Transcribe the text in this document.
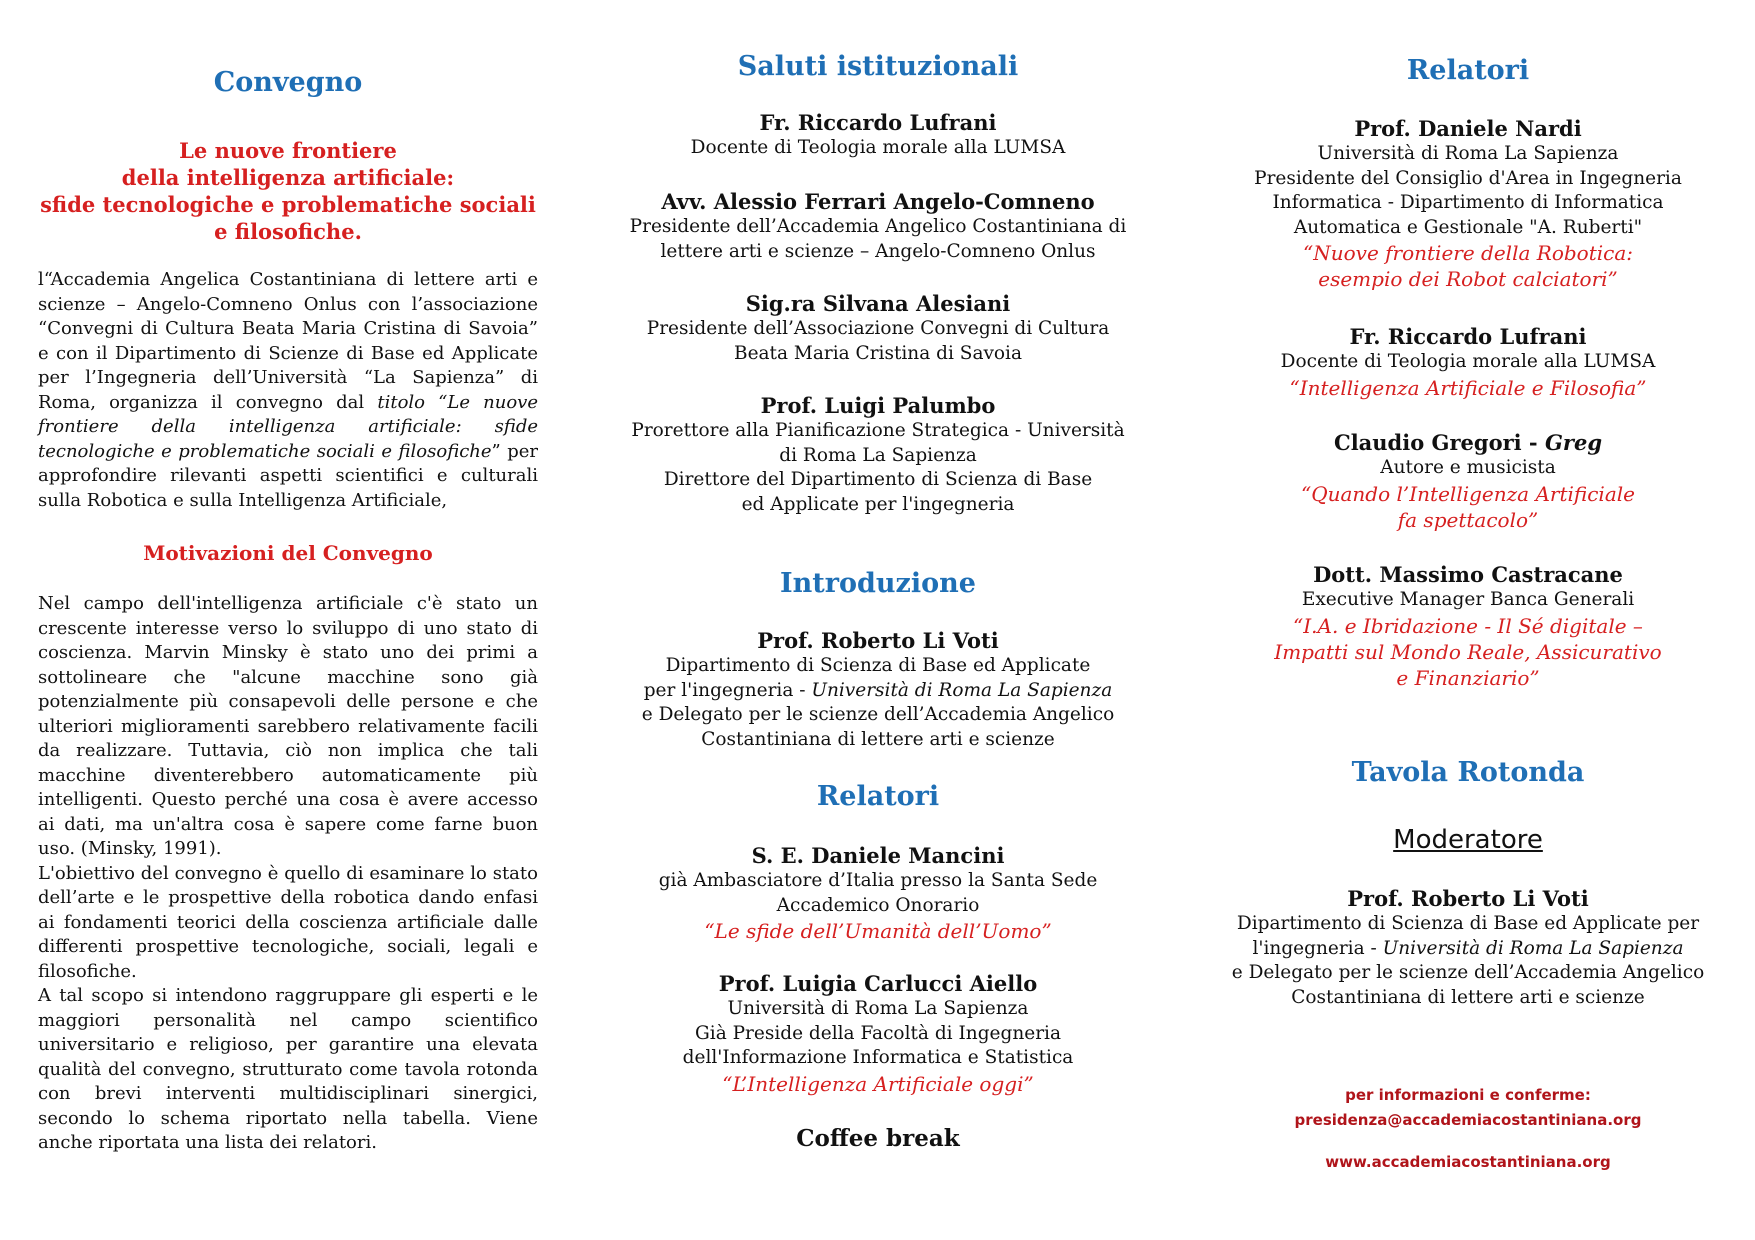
Convegno
Le nuove frontiere
della intelligenza artificiale:
sfide tecnologiche e problematiche sociali
e filosofiche.

l“Accademia Angelica Costantiniana di lettere arti e scienze – Angelo-Comneno Onlus con l’associazione “Convegni di Cultura Beata Maria Cristina di Savoia” e con il Dipartimento di Scienze di Base ed Applicate per l’Ingegneria dell’Università “La Sapienza” di Roma, organizza il convegno dal titolo “Le nuove frontiere della intelligenza artificiale: sfide tecnologiche e problematiche sociali e filosofiche” per approfondire rilevanti aspetti scientifici e culturali sulla Robotica e sulla Intelligenza Artificiale,

Motivazioni del Convegno

Nel campo dell'intelligenza artificiale c'è stato un crescente interesse verso lo sviluppo di uno stato di coscienza. Marvin Minsky è stato uno dei primi a sottolineare che "alcune macchine sono già potenzialmente più consapevoli delle persone e che ulteriori miglioramenti sarebbero relativamente facili da realizzare. Tuttavia, ciò non implica che tali macchine diventerebbero automaticamente più intelligenti. Questo perché una cosa è avere accesso ai dati, ma un'altra cosa è sapere come farne buon uso. (Minsky, 1991).

L'obiettivo del convegno è quello di esaminare lo stato dell’arte e le prospettive della robotica dando enfasi ai fondamenti teorici della coscienza artificiale dalle differenti prospettive tecnologiche, sociali, legali e filosofiche.

A tal scopo si intendono raggruppare gli esperti e le maggiori personalità nel campo scientifico universitario e religioso, per garantire una elevata qualità del convegno, strutturato come tavola rotonda con brevi interventi multidisciplinari sinergici, secondo lo schema riportato nella tabella. Viene anche riportata una lista dei relatori.

Saluti istituzionali
Fr. Riccardo Lufrani
Docente di Teologia morale alla LUMSA
Avv. Alessio Ferrari Angelo-Comneno
Presidente dell’Accademia Angelico Costantiniana di
lettere arti e scienze – Angelo-Comneno Onlus
Sig.ra Silvana Alesiani
Presidente dell’Associazione Convegni di Cultura
Beata Maria Cristina di Savoia
Prof. Luigi Palumbo
Prorettore alla Pianificazione Strategica - Università
di Roma La Sapienza
Direttore del Dipartimento di Scienza di Base
ed Applicate per l'ingegneria
Introduzione
Prof. Roberto Li Voti
Dipartimento di Scienza di Base ed Applicate
per l'ingegneria - Università di Roma La Sapienza
e Delegato per le scienze dell’Accademia Angelico
Costantiniana di lettere arti e scienze
Relatori
S. E. Daniele Mancini
già Ambasciatore d’Italia presso la Santa Sede
Accademico Onorario
“Le sfide dell’Umanità dell’Uomo”
Prof. Luigia Carlucci Aiello
Università di Roma La Sapienza
Già Preside della Facoltà di Ingegneria
dell'Informazione Informatica e Statistica
“L’Intelligenza Artificiale oggi”
Coffee break
Relatori
Prof. Daniele Nardi
Università di Roma La Sapienza
Presidente del Consiglio d'Area in Ingegneria
Informatica - Dipartimento di Informatica
Automatica e Gestionale "A. Ruberti"
“Nuove frontiere della Robotica:
esempio dei Robot calciatori”
Fr. Riccardo Lufrani
Docente di Teologia morale alla LUMSA
“Intelligenza Artificiale e Filosofia”
Claudio Gregori - Greg
Autore e musicista
“Quando l’Intelligenza Artificiale
fa spettacolo”
Dott. Massimo Castracane
Executive Manager Banca Generali
“I.A. e Ibridazione - Il Sé digitale –
Impatti sul Mondo Reale, Assicurativo
e Finanziario”
Tavola Rotonda
Moderatore
Prof. Roberto Li Voti
Dipartimento di Scienza di Base ed Applicate per
l'ingegneria - Università di Roma La Sapienza
e Delegato per le scienze dell’Accademia Angelico
Costantiniana di lettere arti e scienze
per informazioni e conferme:
presidenza@accademiacostantiniana.org
www.accademiacostantiniana.org
